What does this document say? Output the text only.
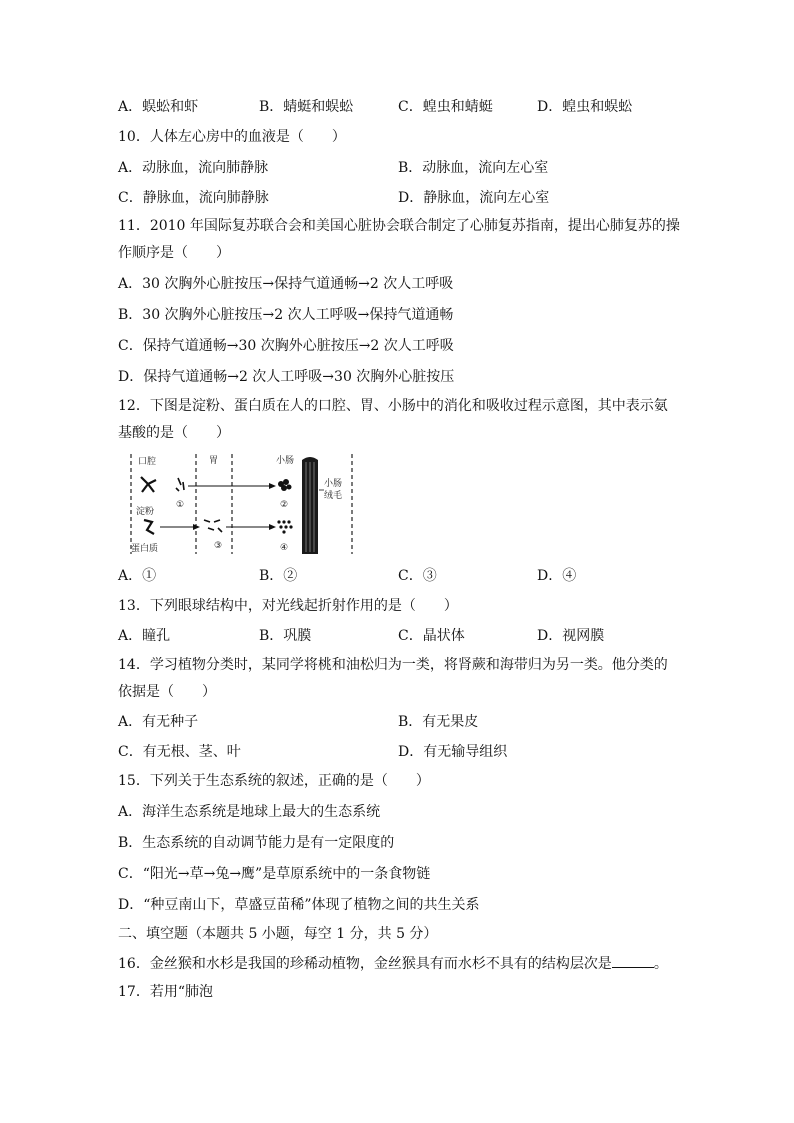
A．蜈蚣和虾	B．蜻蜓和蜈蚣	C．蝗虫和蜻蜓	D．蝗虫和蜈蚣
10．人体左心房中的血液是（　　）
A．动脉血，流向肺静脉	B．动脉血，流向左心室
C．静脉血，流向肺静脉	D．静脉血，流向左心室
11．2010 年国际复苏联合会和美国心脏协会联合制定了心肺复苏指南，提出心肺复苏的操
作顺序是（　　）
A．30 次胸外心脏按压→保持气道通畅→2 次人工呼吸
B．30 次胸外心脏按压→2 次人工呼吸→保持气道通畅
C．保持气道通畅→30 次胸外心脏按压→2 次人工呼吸
D．保持气道通畅→2 次人工呼吸→30 次胸外心脏按压
12．下图是淀粉、蛋白质在人的口腔、胃、小肠中的消化和吸收过程示意图，其中表示氨
基酸的是（　　）
口腔	胃	小肠
小肠
绒毛
淀粉
蛋白质
①
③
②
④
A．①	B．②	C．③	D．④
13．下列眼球结构中，对光线起折射作用的是（　　）
A．瞳孔	B．巩膜	C．晶状体	D．视网膜
14．学习植物分类时，某同学将桃和油松归为一类，将肾蕨和海带归为另一类。他分类的
依据是（　　）
A．有无种子	B．有无果皮
C．有无根、茎、叶	D．有无输导组织
15．下列关于生态系统的叙述，正确的是（　　）
A．海洋生态系统是地球上最大的生态系统
B．生态系统的自动调节能力是有一定限度的
C．“阳光→草→兔→鹰”是草原系统中的一条食物链
D．“种豆南山下，草盛豆苗稀”体现了植物之间的共生关系
二、填空题（本题共 5 小题，每空 1 分，共 5 分）
16．金丝猴和水杉是我国的珍稀动植物，金丝猴具有而水杉不具有的结构层次是	。
17．若用“肺泡
